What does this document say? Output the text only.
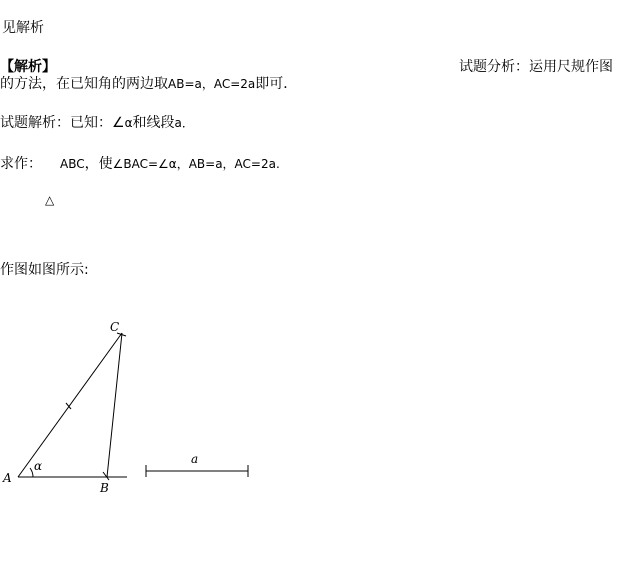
见解析
【解析】	试题分析：运用尺规作图
的方法，在已知角的两边取AB=a，AC=2a即可．
试题解析：已知：∠α和线段a．
求作： ABC，使∠BAC=∠α，AB=a，AC=2a.
△
作图如图所示:
A
B
C
α	a
